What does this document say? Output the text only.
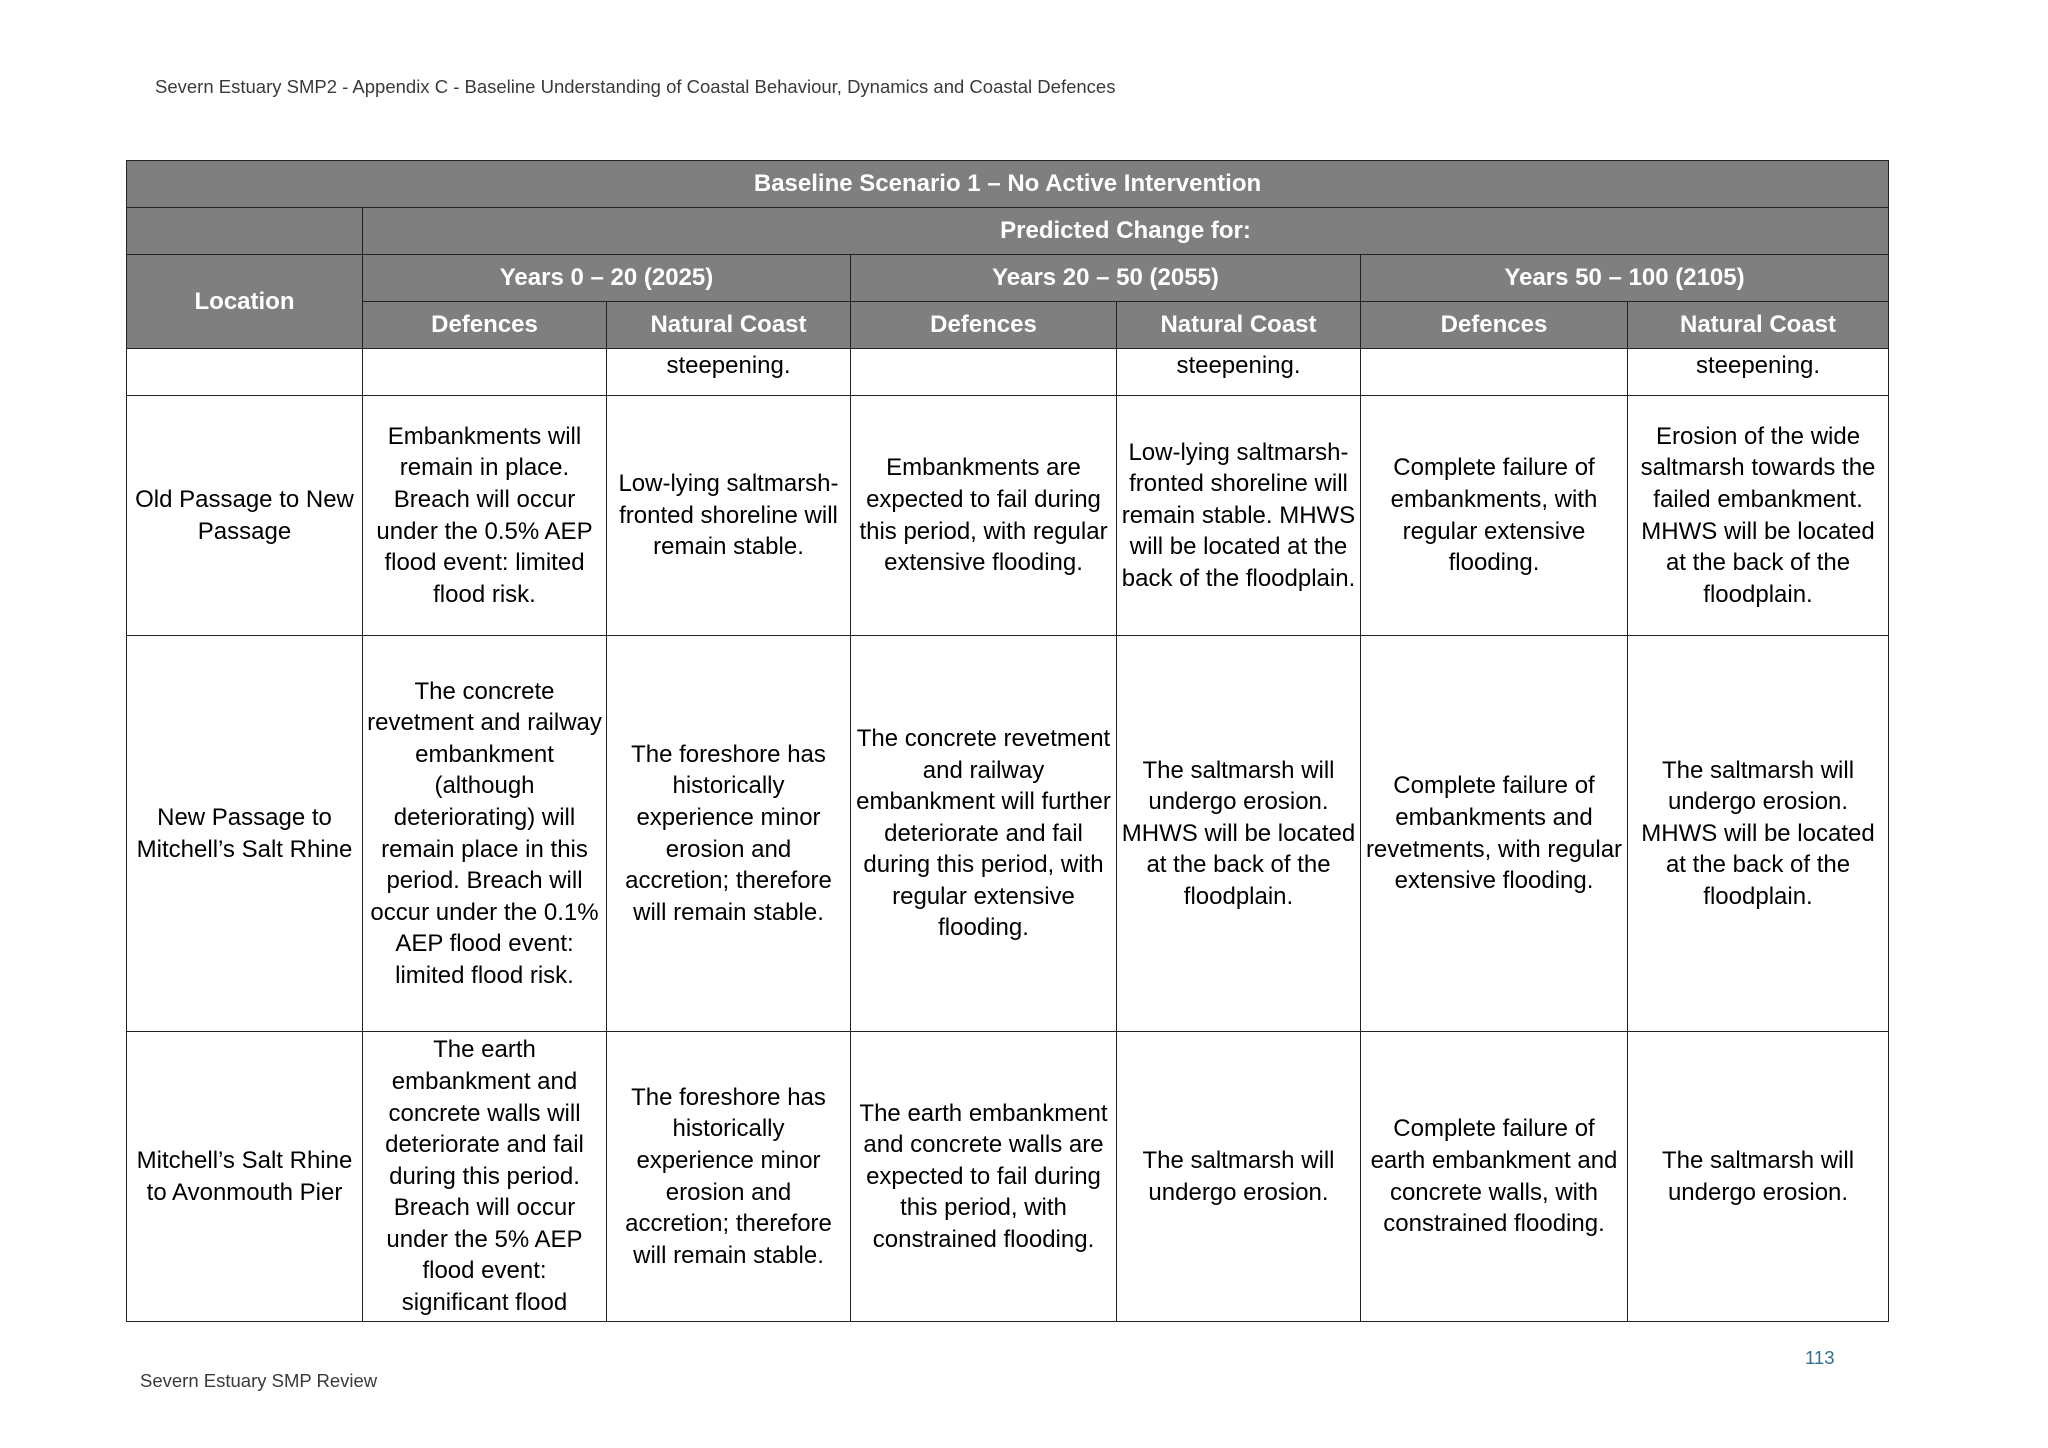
Severn Estuary SMP2 - Appendix C - Baseline Understanding of Coastal Behaviour, Dynamics and Coastal Defences
Baseline Scenario 1 – No Active Intervention						
	Predicted Change for:					
Location	Years 0 – 20 (2025)		Years 20 – 50 (2055)		Years 50 – 100 (2105)	
	Defences	Natural Coast	Defences	Natural Coast	Defences	Natural Coast
		steepening.		steepening.		steepening.
Old Passage to New Passage	Embankments will remain in place. Breach will occur under the 0.5% AEP flood event: limited flood risk.	Low-lying saltmarsh-fronted shoreline will remain stable.	Embankments are expected to fail during this period, with regular extensive flooding.	Low-lying saltmarsh-fronted shoreline will remain stable. MHWS will be located at the back of the floodplain.	Complete failure of embankments, with regular extensive flooding.	Erosion of the wide saltmarsh towards the failed embankment. MHWS will be located at the back of the floodplain.
New Passage to Mitchell’s Salt Rhine	The concrete revetment and railway embankment (although deteriorating) will remain place in this period. Breach will occur under the 0.1% AEP flood event: limited flood risk.	The foreshore has historically experience minor erosion and accretion; therefore will remain stable.	The concrete revetment and railway embankment will further deteriorate and fail during this period, with regular extensive flooding.	The saltmarsh will undergo erosion. MHWS will be located at the back of the floodplain.	Complete failure of embankments and revetments, with regular extensive flooding.	The saltmarsh will undergo erosion. MHWS will be located at the back of the floodplain.
Mitchell’s Salt Rhine to Avonmouth Pier	The earth embankment and concrete walls will deteriorate and fail during this period. Breach will occur under the 5% AEP flood event: significant flood	The foreshore has historically experience minor erosion and accretion; therefore will remain stable.	The earth embankment and concrete walls are expected to fail during this period, with constrained flooding.	The saltmarsh will undergo erosion.	Complete failure of earth embankment and concrete walls, with constrained flooding.	The saltmarsh will undergo erosion.
113
Severn Estuary SMP Review
